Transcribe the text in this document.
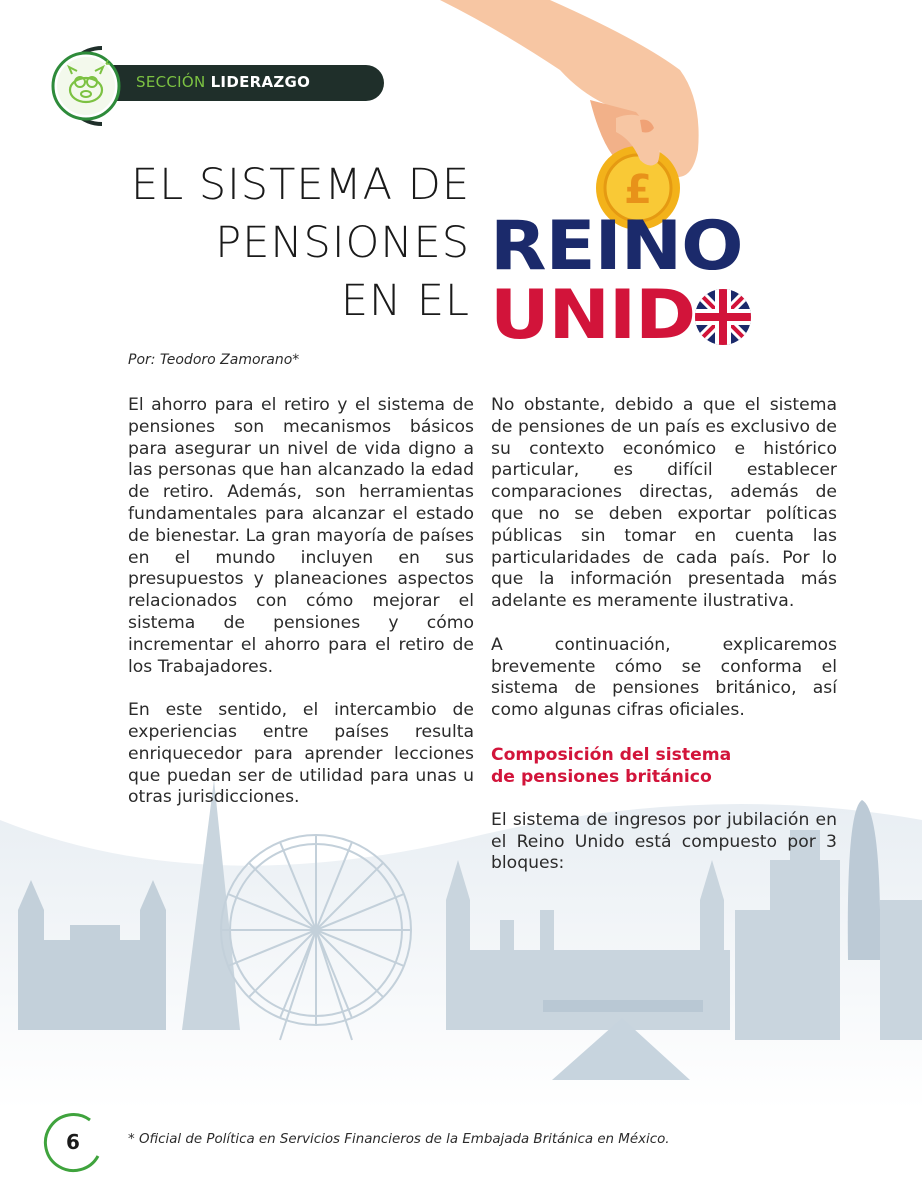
SECCIÓN LIDERAZGO
£
EL SISTEMA DE
PENSIONES
EN EL
REINO
UNID
Por: Teodoro Zamorano*

El ahorro para el retiro y el sistema de pensiones son mecanismos básicos para asegurar un nivel de vida digno a las personas que han alcanzado la edad de retiro. Además, son herramientas fundamentales para alcanzar el estado de bienestar. La gran mayoría de países en el mundo incluyen en sus presupuestos y planeaciones aspectos relacionados con cómo mejorar el sistema de pensiones y cómo incrementar el ahorro para el retiro de los Trabajadores.

En este sentido, el intercambio de experiencias entre países resulta enriquecedor para aprender lecciones que puedan ser de utilidad para unas u otras jurisdicciones.

No obstante, debido a que el sistema de pensiones de un país es exclusivo de su contexto económico e histórico particular, es difícil establecer comparaciones directas, además de que no se deben exportar políticas públicas sin tomar en cuenta las particularidades de cada país. Por lo que la información presentada más adelante es meramente ilustrativa.

A continuación, explicaremos brevemente cómo se conforma el sistema de pensiones británico, así como algunas cifras oficiales.

Composición del sistema
de pensiones británico

El sistema de ingresos por jubilación en el Reino Unido está compuesto por 3 bloques:

6	* Oficial de Política en Servicios Financieros de la Embajada Británica en México.
